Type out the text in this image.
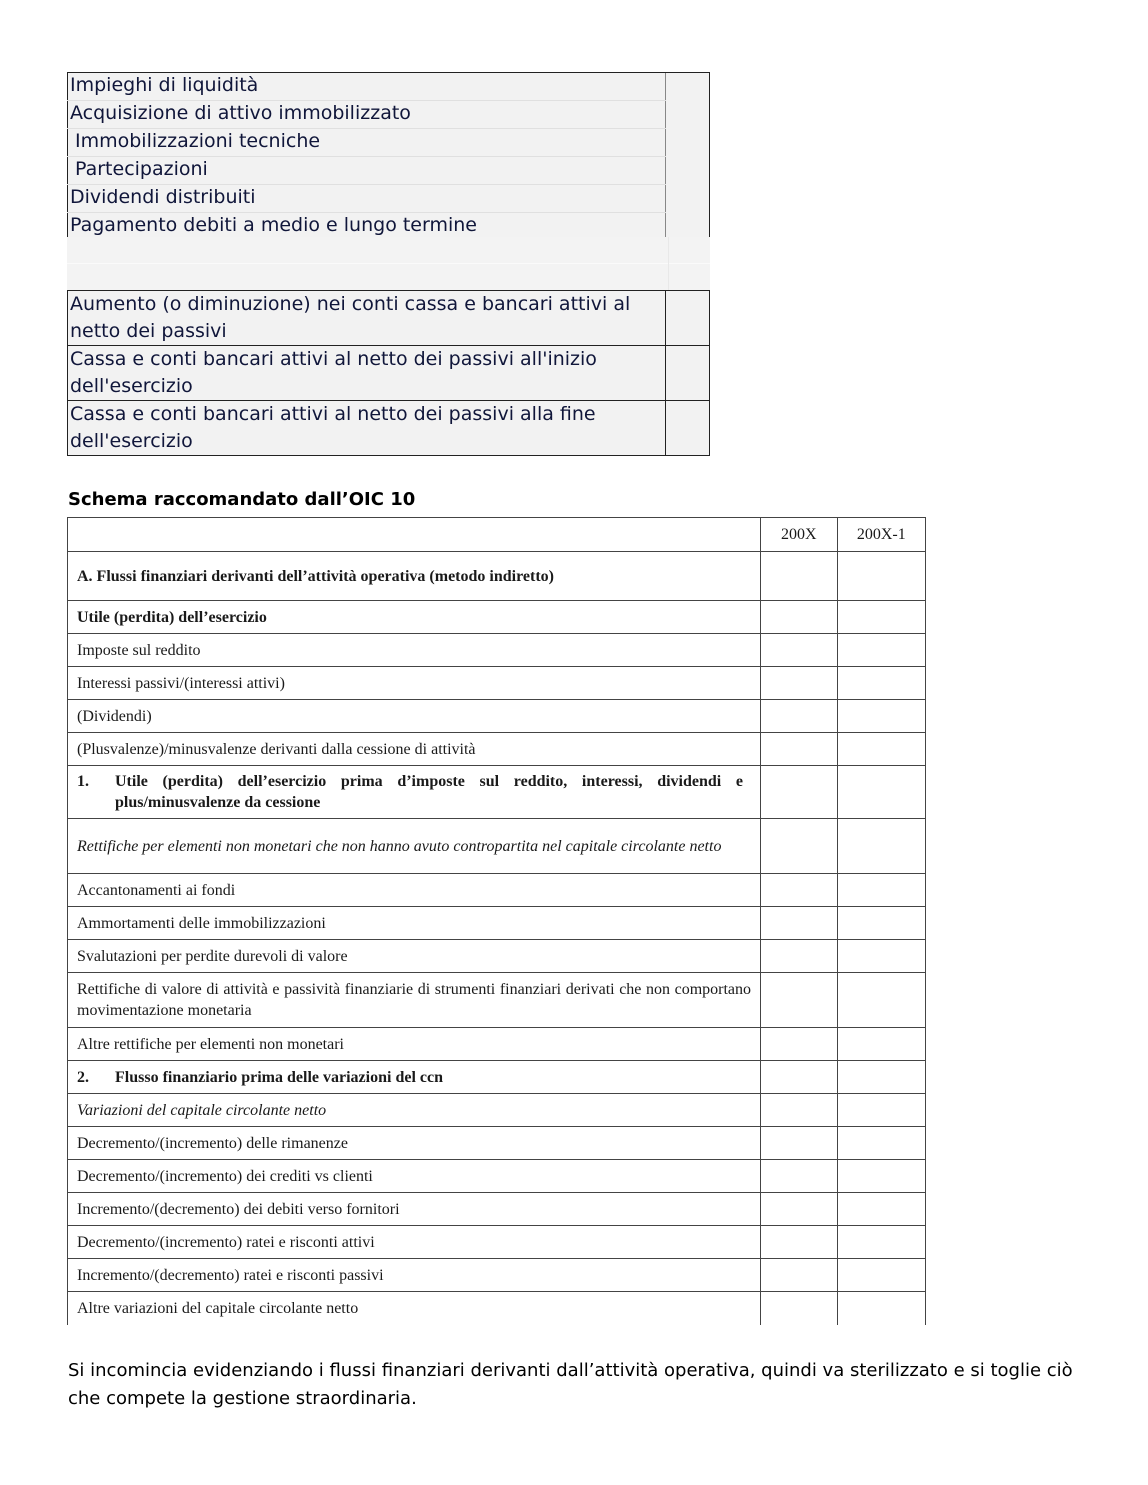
Impieghi di liquidità	
Acquisizione di attivo immobilizzato	
Immobilizzazioni tecniche	
Partecipazioni	
Dividendi distribuiti	
Pagamento debiti a medio e lungo termine	
Aumento (o diminuzione) nei conti cassa e bancari attivi al netto dei passivi	
Cassa e conti bancari attivi al netto dei passivi all'inizio dell'esercizio	
Cassa e conti bancari attivi al netto dei passivi alla fine dell'esercizio	
Schema raccomandato dall’OIC 10
	200X	200X-1
A. Flussi finanziari derivanti dell’attività operativa (metodo indiretto)		
Utile (perdita) dell’esercizio		
Imposte sul reddito		
Interessi passivi/(interessi attivi)		
(Dividendi)		
(Plusvalenze)/minusvalenze derivanti dalla cessione di attività		
1. Utile (perdita) dell’esercizio prima d’imposte sul reddito, interessi, dividendi e plus/minusvalenze da cessione		
Rettifiche per elementi non monetari che non hanno avuto contropartita nel capitale circolante netto		
Accantonamenti ai fondi		
Ammortamenti delle immobilizzazioni		
Svalutazioni per perdite durevoli di valore		
Rettifiche di valore di attività e passività finanziarie di strumenti finanziari derivati che non comportano movimentazione monetaria		
Altre rettifiche per elementi non monetari		
2. Flusso finanziario prima delle variazioni del ccn		
Variazioni del capitale circolante netto		
Decremento/(incremento) delle rimanenze		
Decremento/(incremento) dei crediti vs clienti		
Incremento/(decremento) dei debiti verso fornitori		
Decremento/(incremento) ratei e risconti attivi		
Incremento/(decremento) ratei e risconti passivi		
Altre variazioni del capitale circolante netto		
Si incomincia evidenziando i flussi finanziari derivanti dall’attività operativa, quindi va sterilizzato e si toglie ciò che compete la gestione straordinaria.
